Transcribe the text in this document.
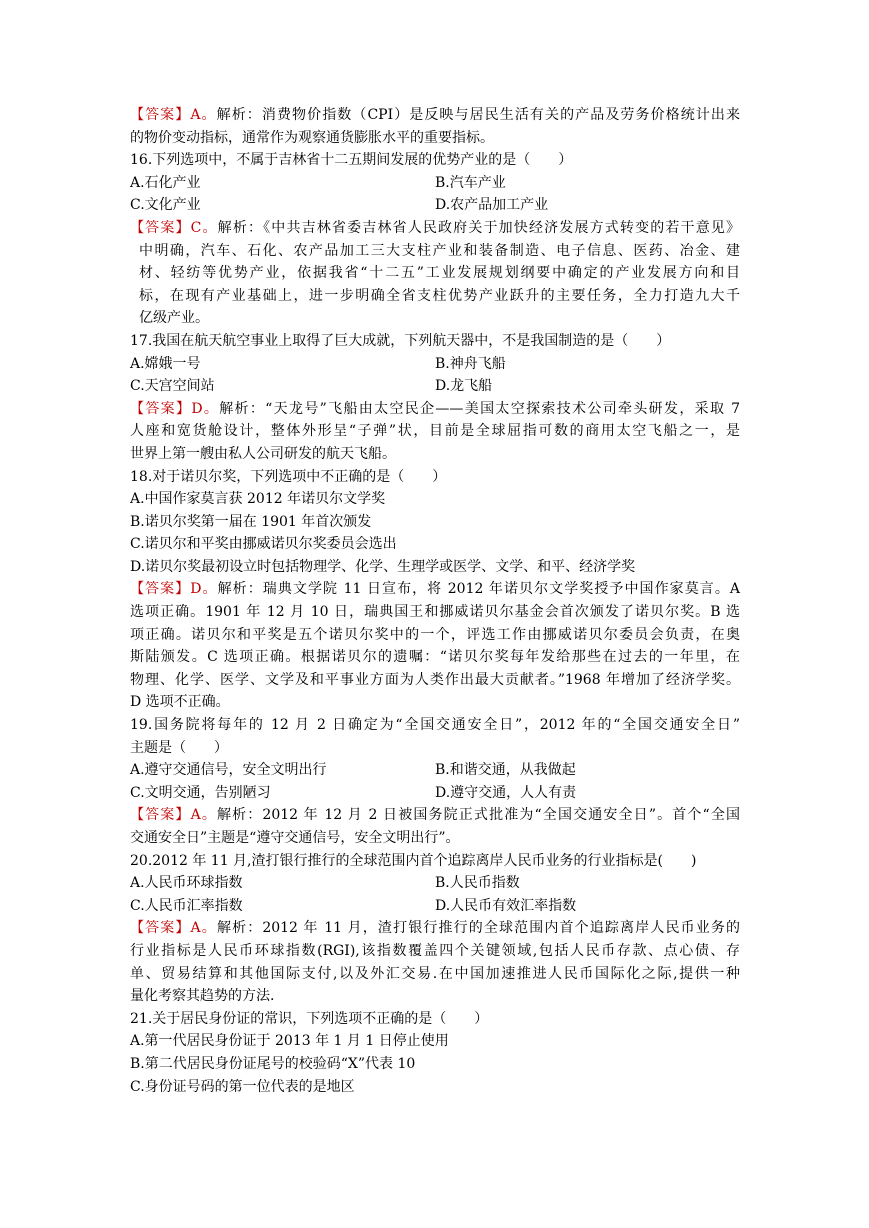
【答案】A。解析：消费物价指数（CPI）是反映与居民生活有关的产品及劳务价格统计出来
的物价变动指标，通常作为观察通货膨胀水平的重要指标。
16.下列选项中，不属于吉林省十二五期间发展的优势产业的是（　　）
A.石化产业	B.汽车产业
C.文化产业	D.农产品加工产业
【答案】C。解析：《中共吉林省委吉林省人民政府关于加快经济发展方式转变的若干意见》
中明确，汽车、石化、农产品加工三大支柱产业和装备制造、电子信息、医药、冶金、建
材、轻纺等优势产业，依据我省“十二五”工业发展规划纲要中确定的产业发展方向和目
标，在现有产业基础上，进一步明确全省支柱优势产业跃升的主要任务，全力打造九大千
亿级产业。
17.我国在航天航空事业上取得了巨大成就，下列航天器中，不是我国制造的是（　　）
A.嫦娥一号	B.神舟飞船
C.天宫空间站	D.龙飞船
【答案】D。解析：“天龙号”飞船由太空民企——美国太空探索技术公司牵头研发，采取 7
人座和宽货舱设计，整体外形呈“子弹”状，目前是全球屈指可数的商用太空飞船之一，是
世界上第一艘由私人公司研发的航天飞船。
18.对于诺贝尔奖，下列选项中不正确的是（　　）
A.中国作家莫言获 2012 年诺贝尔文学奖
B.诺贝尔奖第一届在 1901 年首次颁发
C.诺贝尔和平奖由挪威诺贝尔奖委员会选出
D.诺贝尔奖最初设立时包括物理学、化学、生理学或医学、文学、和平、经济学奖
【答案】D。解析：瑞典文学院 11 日宣布，将 2012 年诺贝尔文学奖授予中国作家莫言。A
选项正确。1901 年 12 月 10 日，瑞典国王和挪威诺贝尔基金会首次颁发了诺贝尔奖。B 选
项正确。诺贝尔和平奖是五个诺贝尔奖中的一个，评选工作由挪威诺贝尔委员会负责，在奥
斯陆颁发。C 选项正确。根据诺贝尔的遗嘱：“诺贝尔奖每年发给那些在过去的一年里，在
物理、化学、医学、文学及和平事业方面为人类作出最大贡献者。”1968 年增加了经济学奖。
D 选项不正确。
19.国务院将每年的 12 月 2 日确定为“全国交通安全日”，2012 年的“全国交通安全日”
主题是（　　）
A.遵守交通信号，安全文明出行	B.和谐交通，从我做起
C.文明交通，告别陋习	D.遵守交通，人人有责
【答案】A。解析：2012 年 12 月 2 日被国务院正式批准为“全国交通安全日”。首个“全国
交通安全日”主题是“遵守交通信号，安全文明出行”。
20.2012 年 11 月,渣打银行推行的全球范围内首个追踪离岸人民币业务的行业指标是(　　)
A.人民币环球指数	B.人民币指数
C.人民币汇率指数	D.人民币有效汇率指数
【答案】A。解析：2012 年 11 月，渣打银行推行的全球范围内首个追踪离岸人民币业务的
行业指标是人民币环球指数(RGI),该指数覆盖四个关键领域,包括人民币存款、点心债、存
单、贸易结算和其他国际支付,以及外汇交易.在中国加速推进人民币国际化之际,提供一种
量化考察其趋势的方法.
21.关于居民身份证的常识，下列选项不正确的是（　　）
A.第一代居民身份证于 2013 年 1 月 1 日停止使用
B.第二代居民身份证尾号的校验码“X”代表 10
C.身份证号码的第一位代表的是地区
